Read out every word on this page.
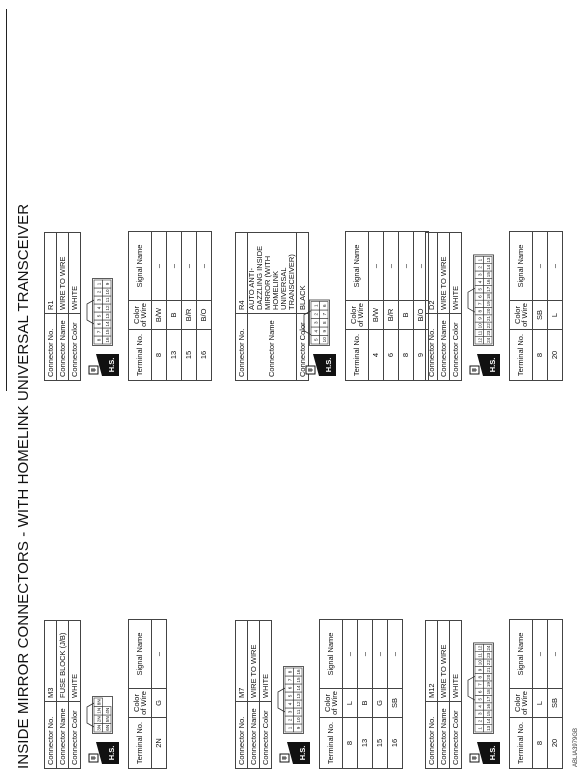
INSIDE MIRROR CONNECTORS - WITH HOMELINK UNIVERSAL TRANSCEIVER	ABLIA3979GB
Connector No.	M3
Connector Name	FUSE BLOCK (J/B)
Connector Color	WHITE
H.S.
3N
2N
1N
8N
6N
5N
4N
Terminal No.	Color of Wire	Signal Name
2N	G	–
Connector No.	M7
Connector Name	WIRE TO WIRE
Connector Color	WHITE
H.S.
1
2
3
4
5
6
7
8
9
10
11
12
13
14
15
16
Terminal No.	Color of Wire	Signal Name
8	L	–
13	B	–
15	G	–
16	SB	–
Connector No.	M12
Connector Name	WIRE TO WIRE
Connector Color	WHITE
H.S.
1
2
3
4
5
6
7
8
9
10
11
12
13
14
15
16
17
18
19
20
21
22
23
24
Terminal No.	Color of Wire	Signal Name
8	L	–
20	SB	–
Connector No.	R1
Connector Name	WIRE TO WIRE
Connector Color	WHITE
H.S.
8
7
6
5
4
3
2
1
16
15
14
13
12
11
10
9
Terminal No.	Color of Wire	Signal Name
8	B/W	–
13	B	–
15	B/R	–
16	B/O	–
Connector No.	R4
Connector Name	AUTO ANTI-DAZZLING INSIDE MIRROR (WITH HOMELINK UNIVERSAL TRANSCEIVER)
Connector Color	BLACK
H.S.
5
4
3
2
1
10
9
8
7
6
Terminal No.	Color of Wire	Signal Name
4	B/W	–
6	B/R	–
8	B	–
9	B/O	–
Connector No.	D2
Connector Name	WIRE TO WIRE
Connector Color	WHITE
H.S.
12
11
10
9
8
7
6
5
4
3
2
1
24
23
22
21
20
19
18
17
16
15
14
13
Terminal No.	Color of Wire	Signal Name
8	SB	–
20	L	–
